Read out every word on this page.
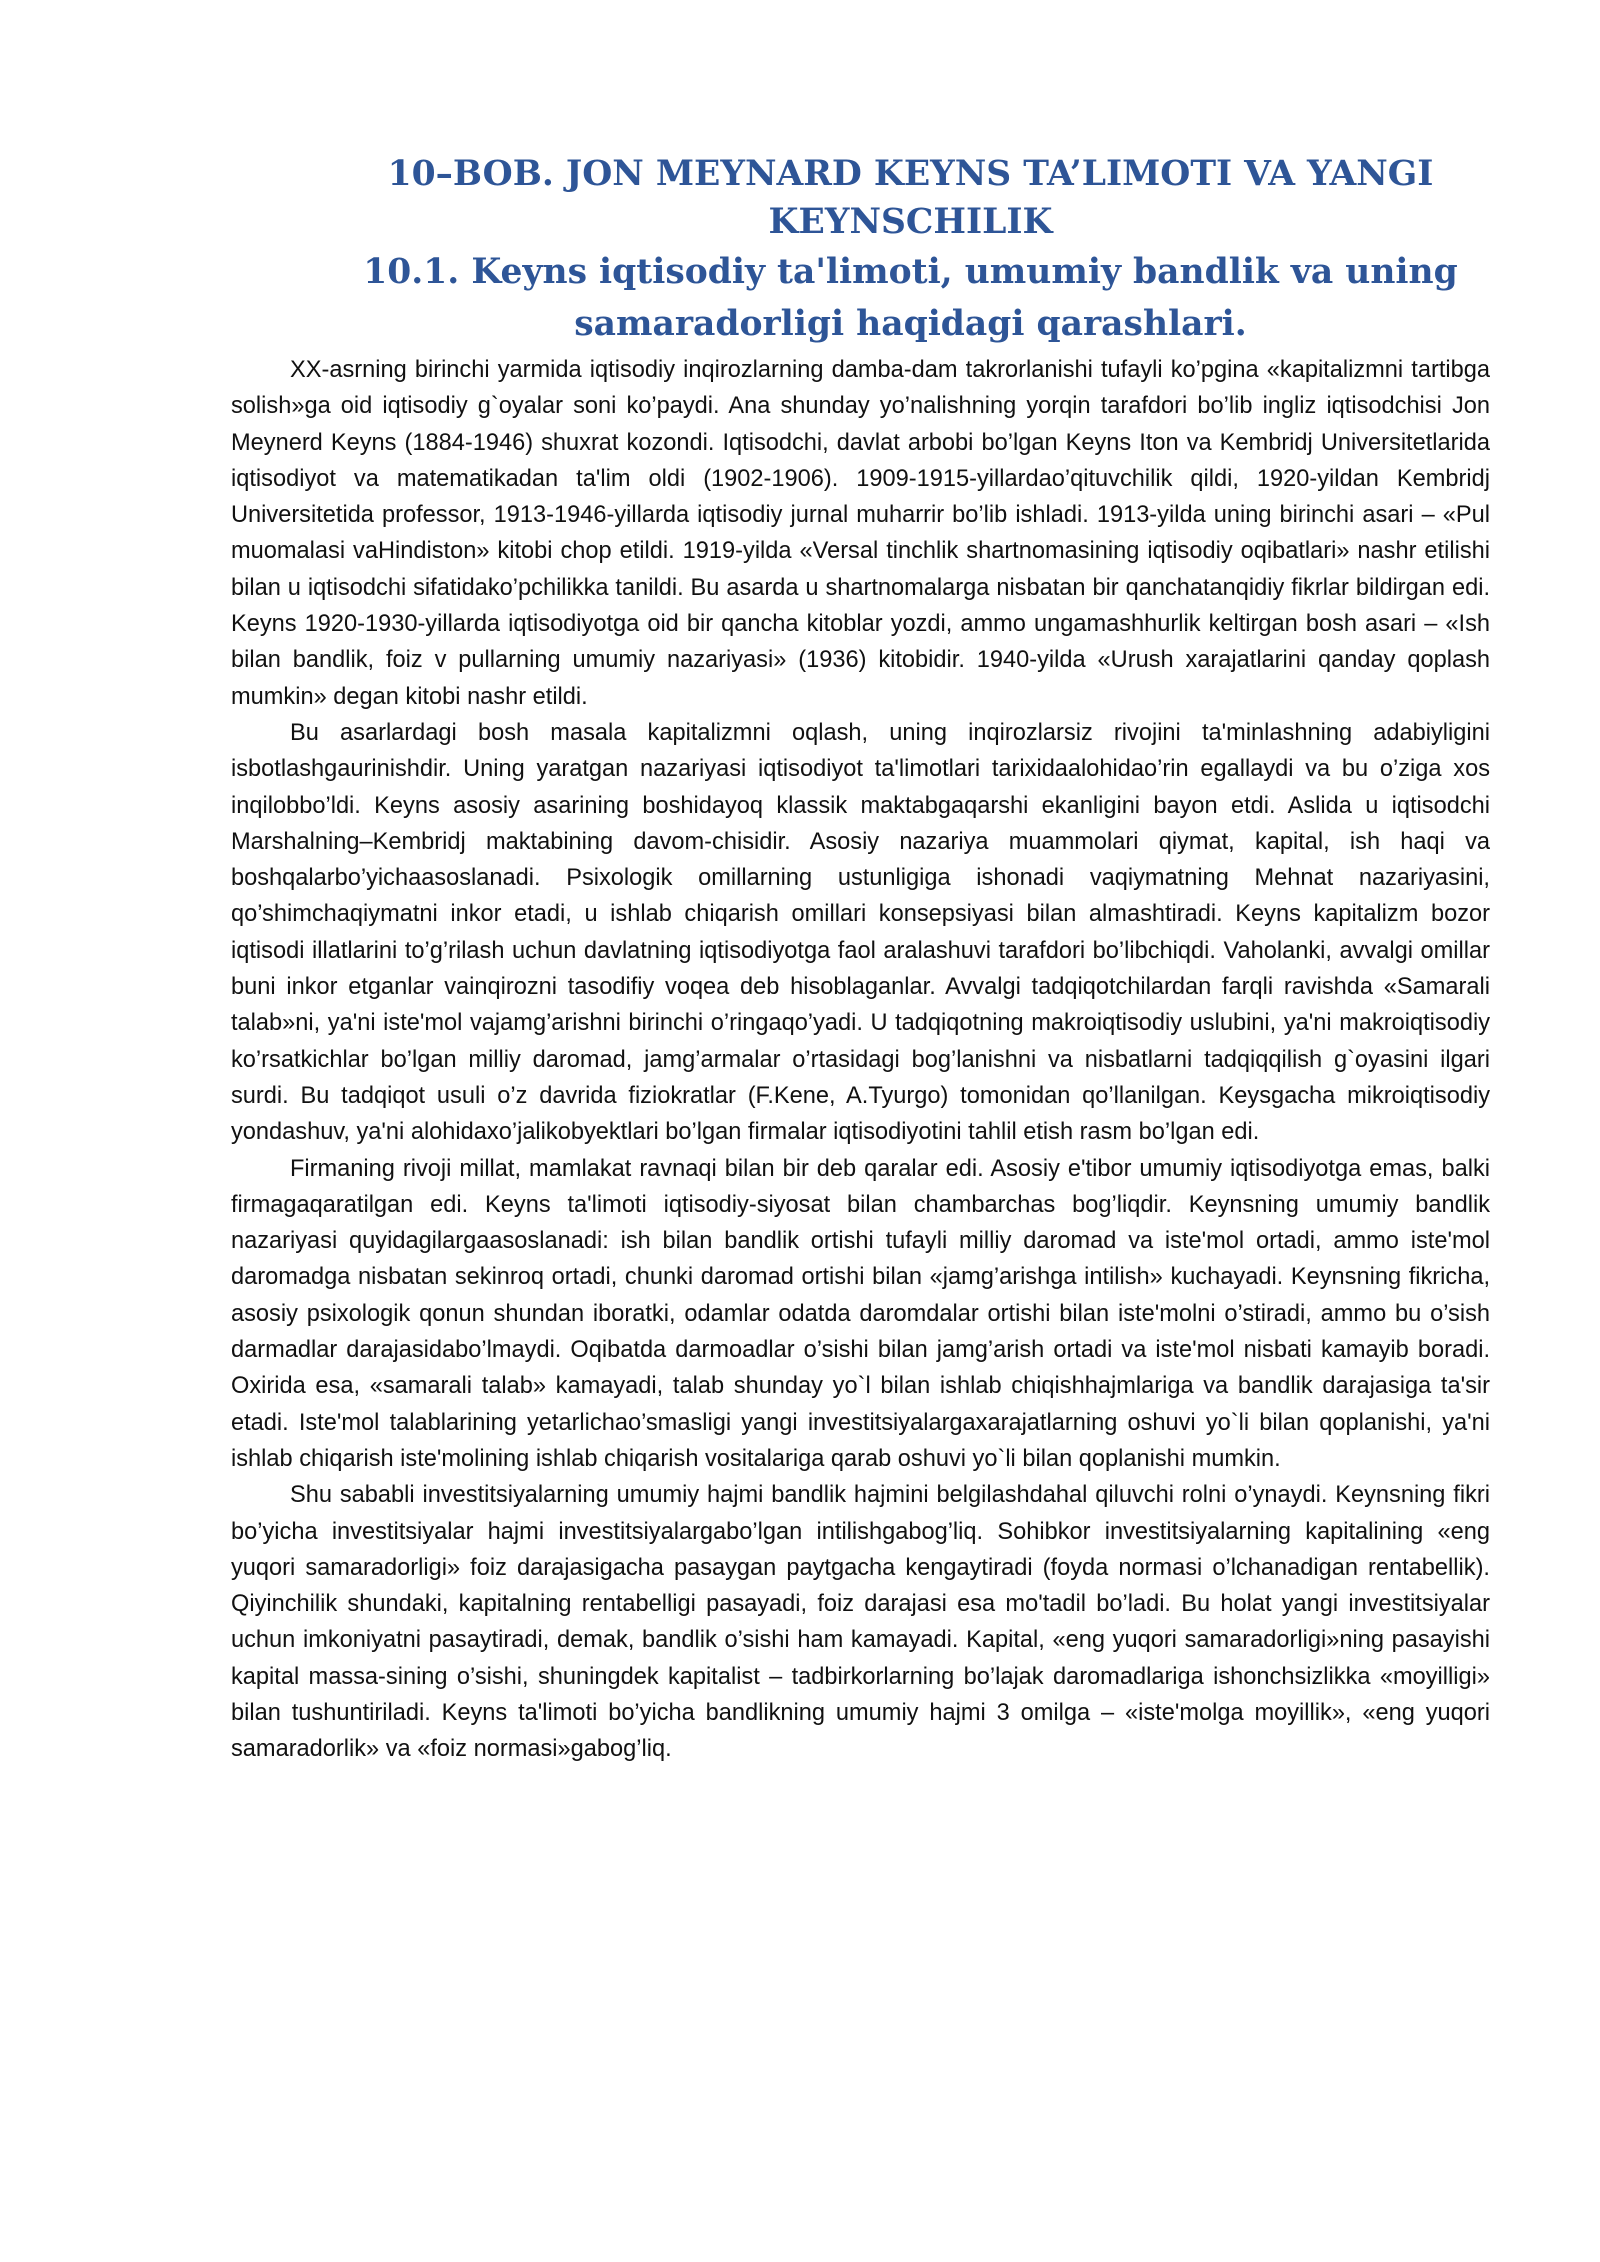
10–BOB. JON MEYNARD KEYNS TA’LIMOTI VA YANGI KEYNSCHILIK
10.1. Keyns iqtisodiy ta'limoti, umumiy bandlik va uning samaradorligi haqidagi qarashlari.

XX-asrning birinchi yarmida iqtisodiy inqirozlarning damba-dam takrorlanishi tufayli ko’pgina «kapitalizmni tartibga solish»ga oid iqtisodiy g`oyalar soni ko’paydi. Ana shunday yo’nalishning yorqin tarafdori bo’lib ingliz iqtisodchisi Jon Meynerd Keyns (1884-1946) shuxrat kozondi. Iqtisodchi, davlat arbobi bo’lgan Keyns Iton va Kembridj Universitetlarida iqtisodiyot va matematikadan ta'lim oldi (1902-1906). 1909-1915-yillardao’qituvchilik qildi, 1920-yildan Kembridj Universitetida professor, 1913-1946-yillarda iqtisodiy jurnal muharrir bo’lib ishladi. 1913-yilda uning birinchi asari – «Pul muomalasi vaHindiston» kitobi chop etildi. 1919-yilda «Versal tinchlik shartnomasining iqtisodiy oqibatlari» nashr etilishi bilan u iqtisodchi sifatidako’pchilikka tanildi. Bu asarda u shartnomalarga nisbatan bir qanchatanqidiy fikrlar bildirgan edi. Keyns 1920-1930-yillarda iqtisodiyotga oid bir qancha kitoblar yozdi, ammo ungamashhurlik keltirgan bosh asari – «Ish bilan bandlik, foiz v pullarning umumiy nazariyasi» (1936) kitobidir. 1940-yilda «Urush xarajatlarini qanday qoplash mumkin» degan kitobi nashr etildi.

Bu asarlardagi bosh masala kapitalizmni oqlash, uning inqirozlarsiz rivojini ta'minlashning adabiyligini isbotlashgaurinishdir. Uning yaratgan nazariyasi iqtisodiyot ta'limotlari tarixidaalohidao’rin egallaydi va bu o’ziga xos inqilobbo’ldi. Keyns asosiy asarining boshidayoq klassik maktabgaqarshi ekanligini bayon etdi. Aslida u iqtisodchi Marshalning–Kembridj maktabining davom-chisidir. Asosiy nazariya muammolari qiymat, kapital, ish haqi va boshqalarbo’yichaasoslanadi. Psixologik omillarning ustunligiga ishonadi vaqiymatning Mehnat nazariyasini, qo’shimchaqiymatni inkor etadi, u ishlab chiqarish omillari konsepsiyasi bilan almashtiradi. Keyns kapitalizm bozor iqtisodi illatlarini to’g’rilash uchun davlatning iqtisodiyotga faol aralashuvi tarafdori bo’libchiqdi. Vaholanki, avvalgi omillar buni inkor etganlar vainqirozni tasodifiy voqea deb hisoblaganlar. Avvalgi tadqiqotchilardan farqli ravishda «Samarali talab»ni, ya'ni iste'mol vajamg’arishni birinchi o’ringaqo’yadi. U tadqiqotning makroiqtisodiy uslubini, ya'ni makroiqtisodiy ko’rsatkichlar bo’lgan milliy daromad, jamg’armalar o’rtasidagi bog’lanishni va nisbatlarni tadqiqqilish g`oyasini ilgari surdi. Bu tadqiqot usuli o’z davrida fiziokratlar (F.Kene, A.Tyurgo) tomonidan qo’llanilgan. Keysgacha mikroiqtisodiy yondashuv, ya'ni alohidaxo’jalikobyektlari bo’lgan firmalar iqtisodiyotini tahlil etish rasm bo’lgan edi.

Firmaning rivoji millat, mamlakat ravnaqi bilan bir deb qaralar edi. Asosiy e'tibor umumiy iqtisodiyotga emas, balki firmagaqaratilgan edi. Keyns ta'limoti iqtisodiy-siyosat bilan chambarchas bog’liqdir. Keynsning umumiy bandlik nazariyasi quyidagilargaasoslanadi: ish bilan bandlik ortishi tufayli milliy daromad va iste'mol ortadi, ammo iste'mol daromadga nisbatan sekinroq ortadi, chunki daromad ortishi bilan «jamg’arishga intilish» kuchayadi. Keynsning fikricha, asosiy psixologik qonun shundan iboratki, odamlar odatda daromdalar ortishi bilan iste'molni o’stiradi, ammo bu o’sish darmadlar darajasidabo’lmaydi. Oqibatda darmoadlar o’sishi bilan jamg’arish ortadi va iste'mol nisbati kamayib boradi. Oxirida esa, «samarali talab» kamayadi, talab shunday yo`l bilan ishlab chiqishhajmlariga va bandlik darajasiga ta'sir etadi. Iste'mol talablarining yetarlichao’smasligi yangi investitsiyalargaxarajatlarning oshuvi yo`li bilan qoplanishi, ya'ni ishlab chiqarish iste'molining ishlab chiqarish vositalariga qarab oshuvi yo`li bilan qoplanishi mumkin.

Shu sababli investitsiyalarning umumiy hajmi bandlik hajmini belgilashdahal qiluvchi rolni o’ynaydi. Keynsning fikri bo’yicha investitsiyalar hajmi investitsiyalargabo’lgan intilishgabog’liq. Sohibkor investitsiyalarning kapitalining «eng yuqori samaradorligi» foiz darajasigacha pasaygan paytgacha kengaytiradi (foyda normasi o’lchanadigan rentabellik). Qiyinchilik shundaki, kapitalning rentabelligi pasayadi, foiz darajasi esa mo'tadil bo’ladi. Bu holat yangi investitsiyalar uchun imkoniyatni pasaytiradi, demak, bandlik o’sishi ham kamayadi. Kapital, «eng yuqori samaradorligi»ning pasayishi kapital massa-sining o’sishi, shuningdek kapitalist – tadbirkorlarning bo’lajak daromadlariga ishonchsizlikka «moyilligi» bilan tushuntiriladi. Keyns ta'limoti bo’yicha bandlikning umumiy hajmi 3 omilga – «iste'molga moyillik», «eng yuqori samaradorlik» va «foiz normasi»gabog’liq.
